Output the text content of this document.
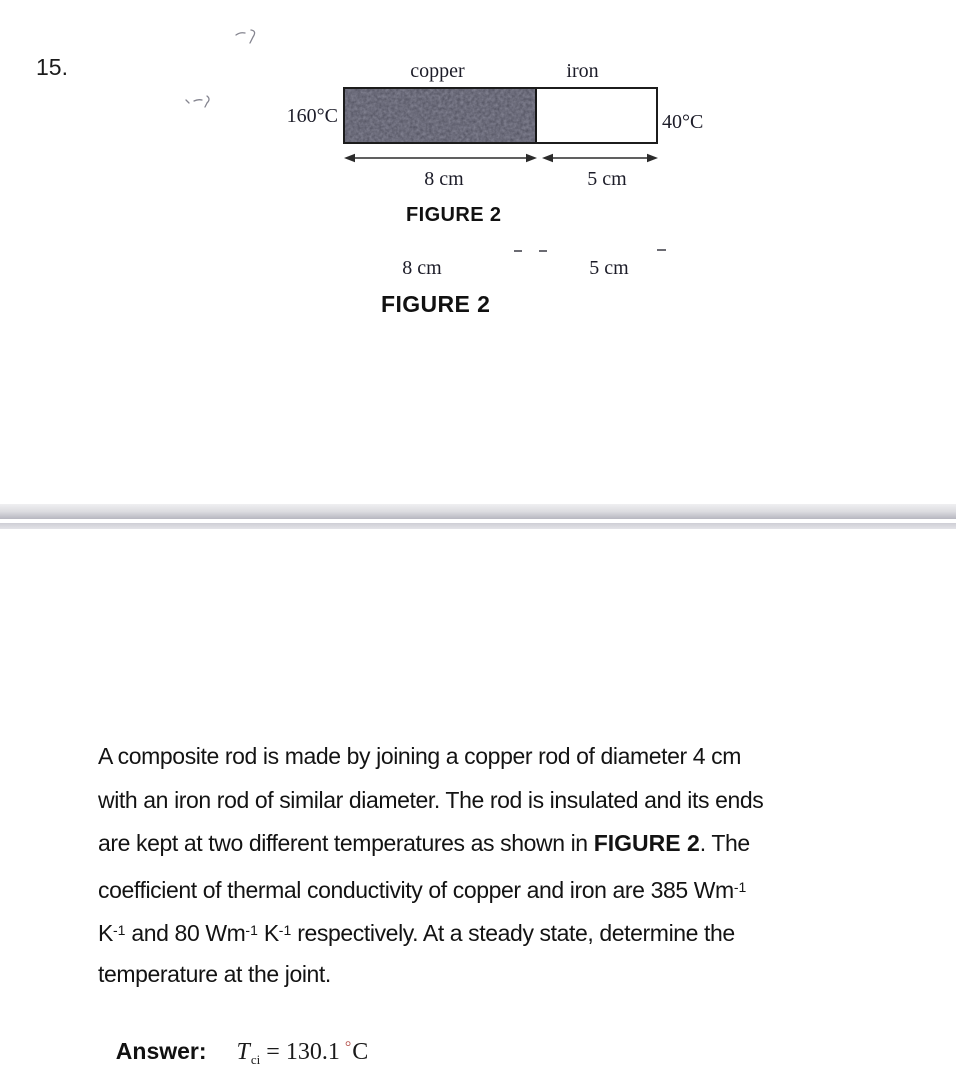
15.	copper	iron
160°C	40°C
8 cm	5 cm
FIGURE 2
8 cm	5 cm
FIGURE 2
A composite rod is made by joining a copper rod of diameter 4 cm
with an iron rod of similar diameter. The rod is insulated and its ends
are kept at two different temperatures as shown in FIGURE 2. The
coefficient of thermal conductivity of copper and iron are 385 $Wm^{-1}$
$K^{-1}$ and 80 $Wm^{-1}$ $K^{-1}$ respectively. At a steady state, determine the
temperature at the joint.

Answer: $T_{ci} = 130.1$ °C
